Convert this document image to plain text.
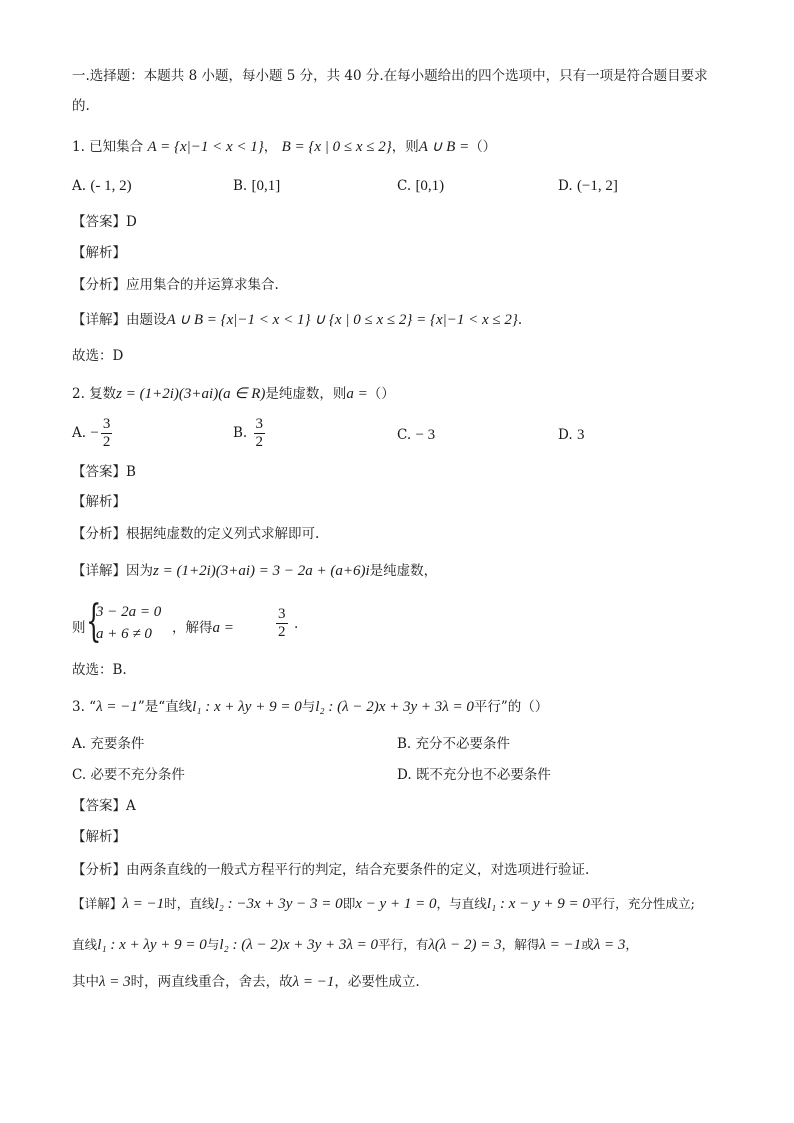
一.选择题：本题共 8 小题，每小题 5 分，共 40 分.在每小题给出的四个选项中，只有一项是符合题目要求
的.
1. 已知集合 A = {x|−1 < x < 1}， B = {x | 0 ≤ x ≤ 2}，则A ∪ B =（）
A. (- 1, 2)	B. [0,1]	C. [0,1)	D. (−1, 2]
【答案】D
【解析】
【分析】应用集合的并运算求集合.
【详解】由题设A ∪ B = {x|−1 < x < 1} ∪ {x | 0 ≤ x ≤ 2} = {x|−1 < x ≤ 2}.
故选：D
2. 复数z = (1+2i)(3+ai)(a ∈ R)是纯虚数，则a =（）
A. − $\frac{3}{2}$	B. $\frac{3}{2}$	C. − 3	D. 3
【答案】B
【解析】
【分析】根据纯虚数的定义列式求解即可.
【详解】因为z = (1+2i)(3+ai) = 3 − 2a + (a+6)i是纯虚数，
则 {
3 − 2a = 0
a + 6 ≠ 0 ，解得a =	$\frac{3}{2}$ .
故选：B.
3. “λ = −1”是“直线l₁ : x + λy + 9 = 0与l₂ : (λ − 2)x + 3y + 3λ = 0平行”的（）
A. 充要条件	B. 充分不必要条件
C. 必要不充分条件	D. 既不充分也不必要条件
【答案】A
【解析】
【分析】由两条直线的一般式方程平行的判定，结合充要条件的定义，对选项进行验证.
【详解】λ = −1时，直线l₂ : −3x + 3y − 3 = 0即x − y + 1 = 0，与直线l₁ : x − y + 9 = 0平行，充分性成立;
直线l₁ : x + λy + 9 = 0与l₂ : (λ − 2)x + 3y + 3λ = 0平行，有λ(λ − 2) = 3，解得λ = −1或λ = 3，
其中λ = 3时，两直线重合，舍去，故λ = −1，必要性成立.
